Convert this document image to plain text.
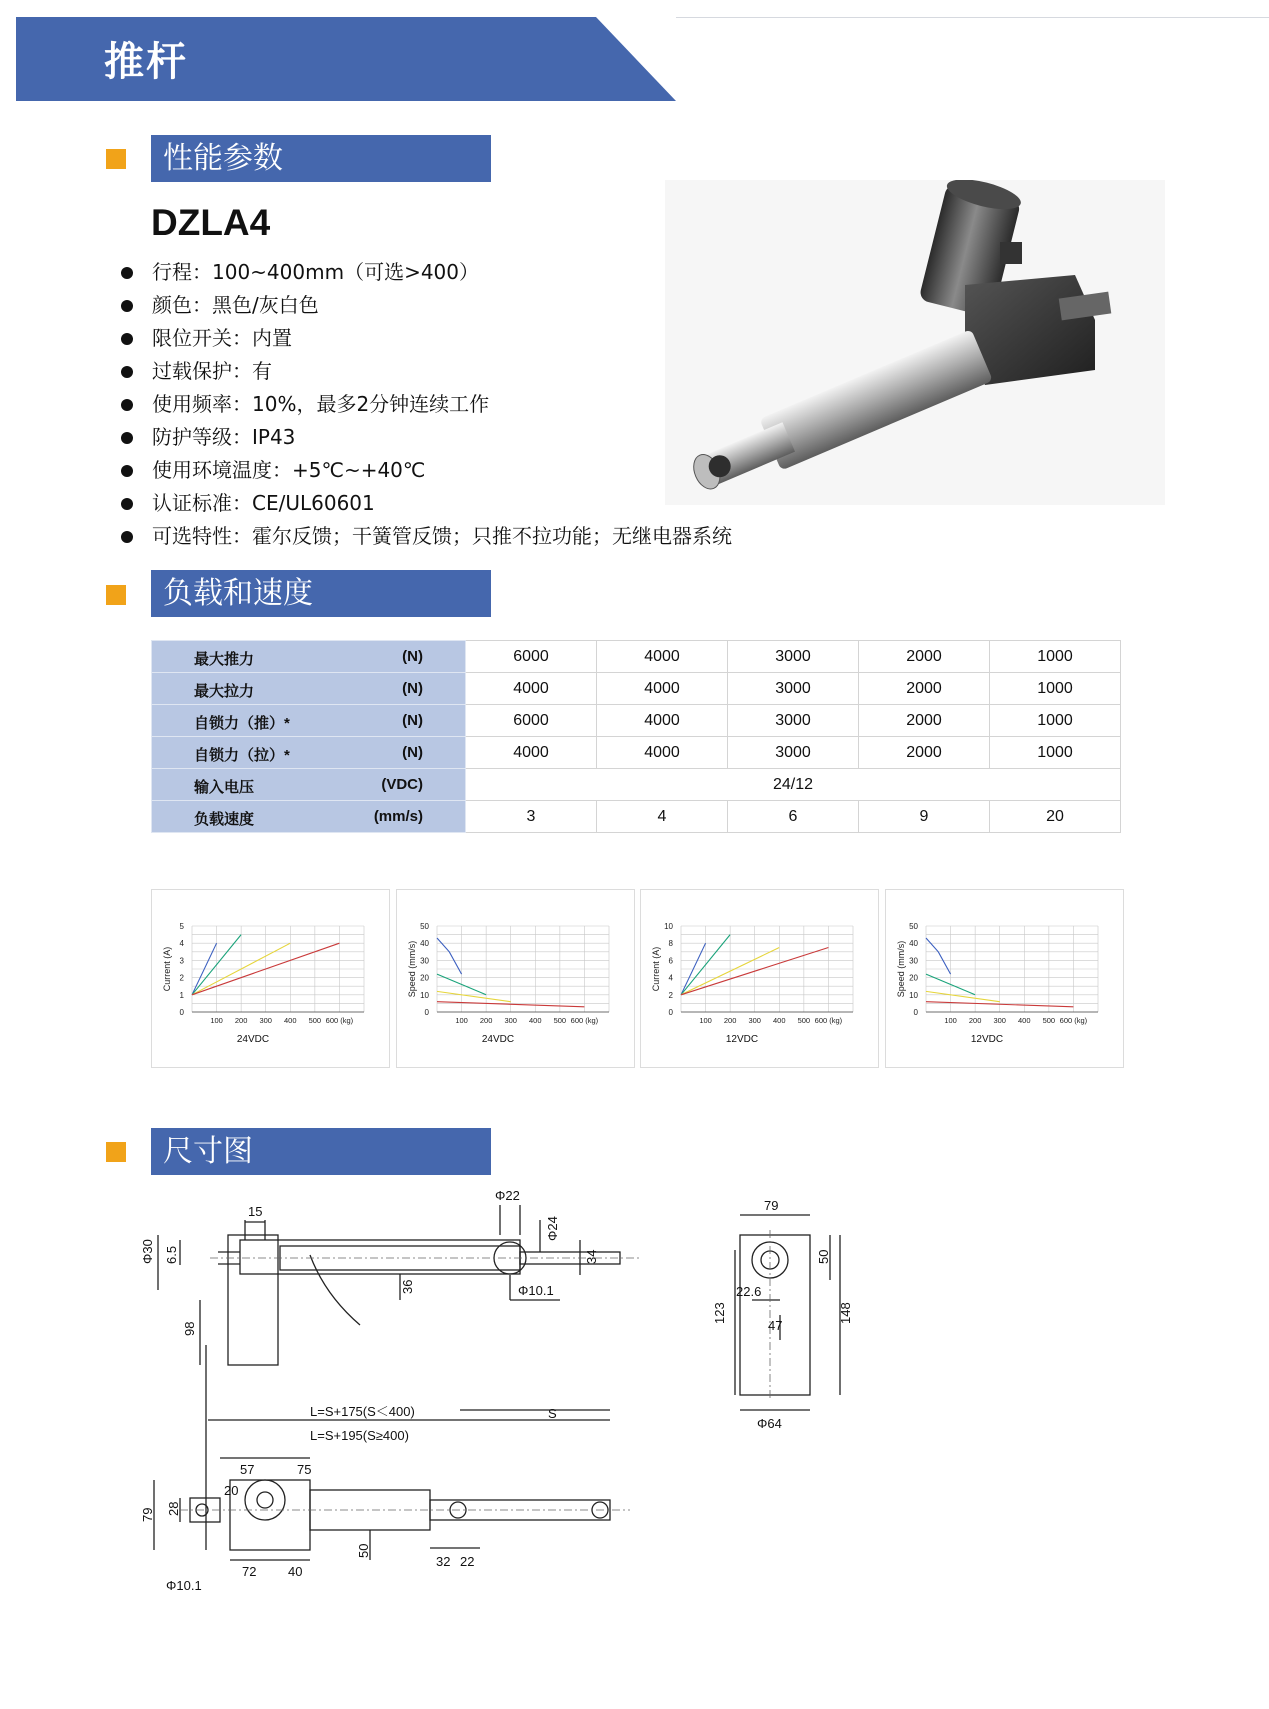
推杆
性能参数
DZLA4
行程：100~400mm（可选>400）
颜色：黑色/灰白色
限位开关：内置
过载保护：有
使用频率：10%，最多2分钟连续工作
防护等级：IP43
使用环境温度：+5℃~+40℃
认证标准：CE/UL60601
可选特性：霍尔反馈；干簧管反馈；只推不拉功能；无继电器系统
负载和速度
最大推力 (N)	6000	4000	3000	2000	1000

最大拉力 (N)	4000	4000	3000	2000	1000

自锁力（推）* (N)	6000	4000	3000	2000	1000

自锁力（拉）* (N)	4000	4000	3000	2000	1000

输入电压 (VDC)	24/12				

负载速度 (mm/s)	3	4	6	9	20
0
1
2
3
4
5
100 200 300 400 500 600 (kg)
Current (A)
24VDC
0
10
20
30
40
50
100 200 300 400 500 600 (kg)
Speed (mm/s)
24VDC
0
2
4
6
8
10
100 200 300 400 500 600 (kg)
Current (A)
12VDC
0
10
20
30
40
50
100 200 300 400 500 600 (kg)
Speed (mm/s)
12VDC
尺寸图
Φ30 6.5
15
Φ22
Φ24
34
36	Φ10.1
98
79
50
22.6
47
123	148
Φ64
L=S+175(S＜400)
L=S+195(S≥400)
S
57	75
20
79 28
72 40
50
32 22
Φ10.1
